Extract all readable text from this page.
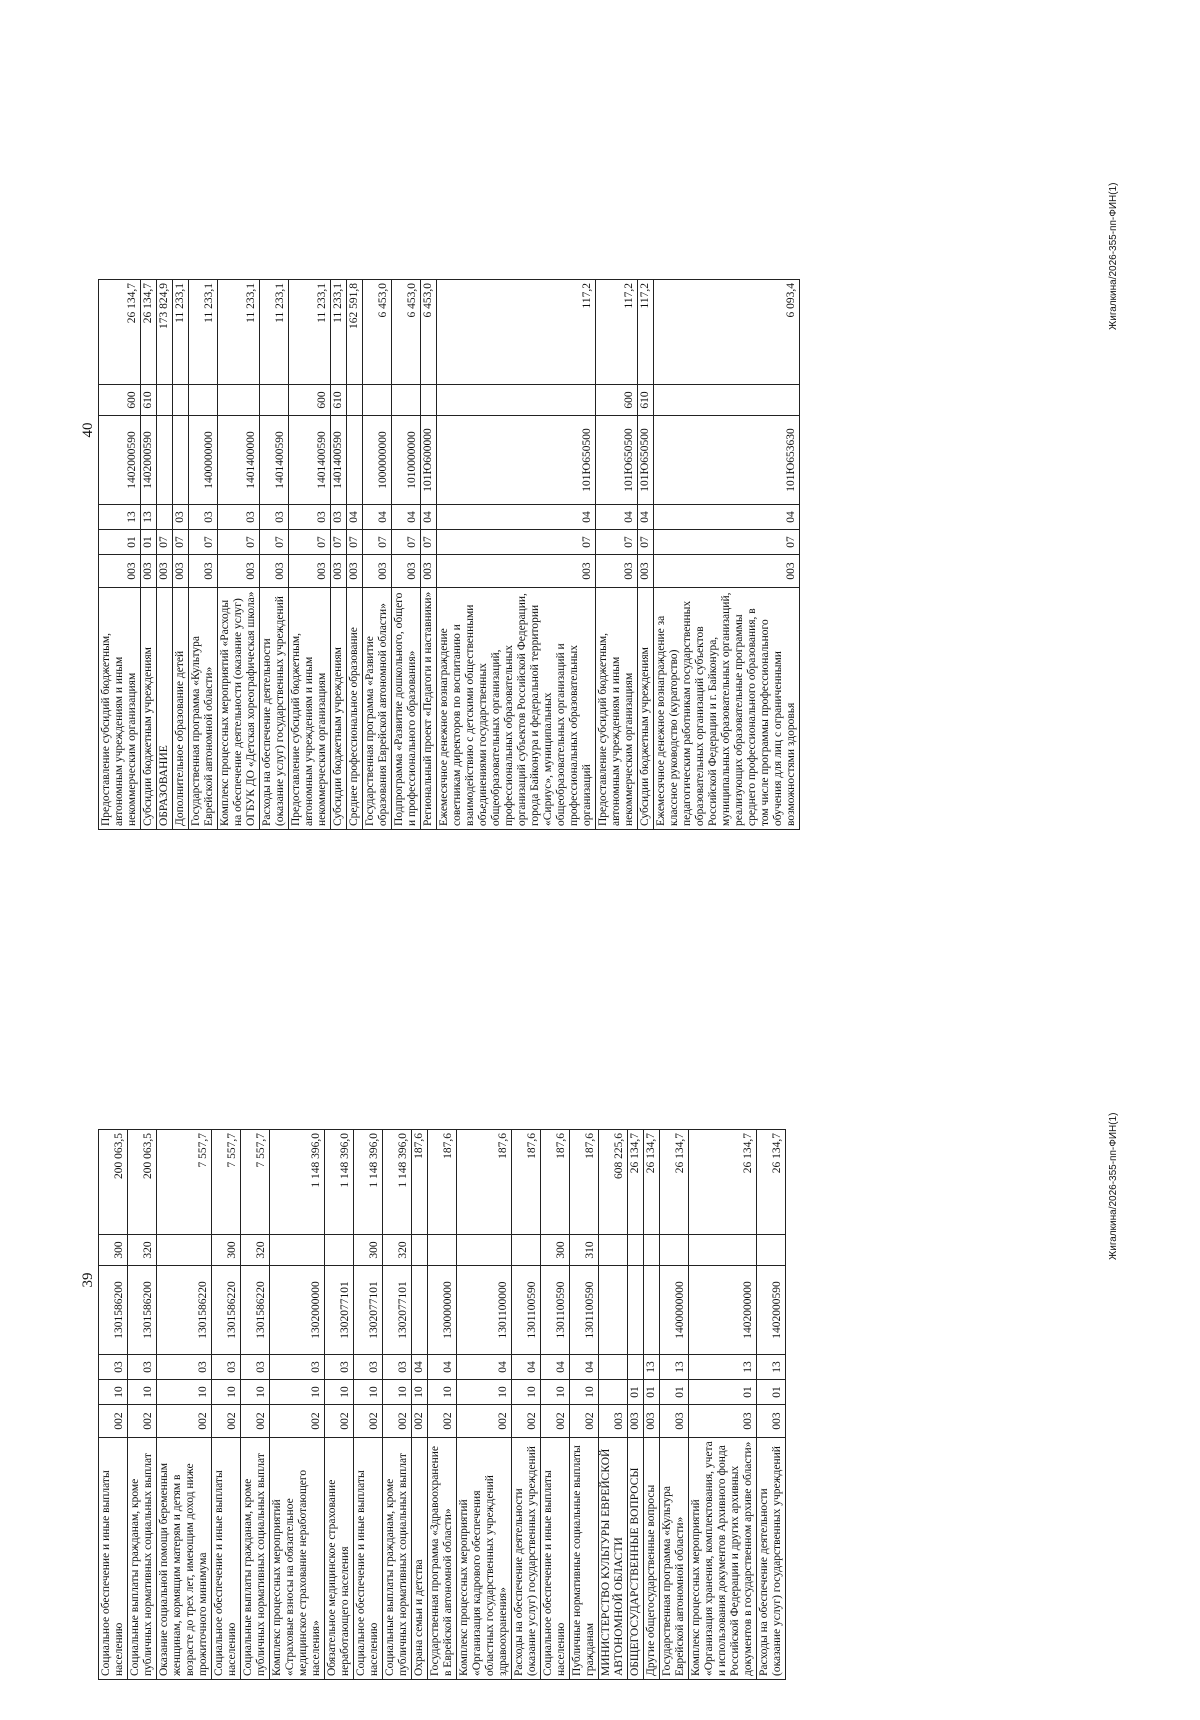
39
Социальное обеспечение и иные выплаты населению	002	10	03	1301586200	300	200 063,5
Социальные выплаты гражданам, кроме публичных нормативных социальных выплат	002	10	03	1301586200	320	200 063,5
Оказание социальной помощи беременным женщинам, кормящим матерям и детям в возрасте до трех лет, имеющим доход ниже прожиточного минимума	002	10	03	1301586220		7 557,7
Социальное обеспечение и иные выплаты населению	002	10	03	1301586220	300	7 557,7
Социальные выплаты гражданам, кроме публичных нормативных социальных выплат	002	10	03	1301586220	320	7 557,7
Комплекс процессных мероприятий «Страховые взносы на обязательное медицинское страхование неработающего населения»	002	10	03	1302000000		1 148 396,0
Обязательное медицинское страхование неработающего населения	002	10	03	1302077101		1 148 396,0
Социальное обеспечение и иные выплаты населению	002	10	03	1302077101	300	1 148 396,0
Социальные выплаты гражданам, кроме публичных нормативных социальных выплат	002	10	03	1302077101	320	1 148 396,0
Охрана семьи и детства	002	10	04			187,6
Государственная программа «Здравоохранение в Еврейской автономной области»	002	10	04	1300000000		187,6
Комплекс процессных мероприятий «Организация кадрового обеспечения областных государственных учреждений здравоохранения»	002	10	04	1301100000		187,6
Расходы на обеспечение деятельности (оказание услуг) государственных учреждений	002	10	04	1301100590		187,6
Социальное обеспечение и иные выплаты населению	002	10	04	1301100590	300	187,6
Публичные нормативные социальные выплаты гражданам	002	10	04	1301100590	310	187,6
МИНИСТЕРСТВО КУЛЬТУРЫ ЕВРЕЙСКОЙ АВТОНОМНОЙ ОБЛАСТИ	003					608 225,6
ОБЩЕГОСУДАРСТВЕННЫЕ ВОПРОСЫ	003	01				26 134,7
Другие общегосударственные вопросы	003	01	13			26 134,7
Государственная программа «Культура Еврейской автономной области»	003	01	13	1400000000		26 134,7
Комплекс процессных мероприятий «Организация хранения, комплектования, учета и использования документов Архивного фонда Российской Федерации и других архивных документов в государственном архиве области»	003	01	13	1402000000		26 134,7
Расходы на обеспечение деятельности (оказание услуг) государственных учреждений	003	01	13	1402000590		26 134,7	Жигалкина/2026-355-пп-ФИН(1)
40
Предоставление субсидий бюджетным, автономным учреждениям и иным некоммерческим организациям	003	01	13	1402000590	600	26 134,7
Субсидии бюджетным учреждениям	003	01	13	1402000590	610	26 134,7
ОБРАЗОВАНИЕ	003	07				173 824,9
Дополнительное образование детей	003	07	03			11 233,1
Государственная программа «Культура Еврейской автономной области»	003	07	03	1400000000		11 233,1
Комплекс процессных мероприятий «Расходы на обеспечение деятельности (оказание услуг) ОГБУК ДО «Детская хореографическая школа»	003	07	03	1401400000		11 233,1
Расходы на обеспечение деятельности (оказание услуг) государственных учреждений	003	07	03	1401400590		11 233,1
Предоставление субсидий бюджетным, автономным учреждениям и иным некоммерческим организациям	003	07	03	1401400590	600	11 233,1
Субсидии бюджетным учреждениям	003	07	03	1401400590	610	11 233,1
Среднее профессиональное образование	003	07	04			162 591,8
Государственная программа «Развитие образования Еврейской автономной области»	003	07	04	1000000000		6 453,0
Подпрограмма «Развитие дошкольного, общего и профессионального образования»	003	07	04	1010000000		6 453,0
Региональный проект «Педагоги и наставники»	003	07	04	101Ю600000		6 453,0
Ежемесячное денежное вознаграждение советникам директоров по воспитанию и взаимодействию с детскими общественными объединениями государственных общеобразовательных организаций, профессиональных образовательных организаций субъектов Российской Федерации, города Байконура и федеральной территории «Сириус», муниципальных общеобразовательных организаций и профессиональных образовательных организаций	003	07	04	101Ю650500		117,2
Предоставление субсидий бюджетным, автономным учреждениям и иным некоммерческим организациям	003	07	04	101Ю650500	600	117,2
Субсидии бюджетным учреждениям	003	07	04	101Ю650500	610	117,2
Ежемесячное денежное вознаграждение за классное руководство (кураторство) педагогическим работникам государственных образовательных организаций субъектов Российской Федерации и г. Байконура, муниципальных образовательных организаций, реализующих образовательные программы среднего профессионального образования, в том числе программы профессионального обучения для лиц с ограниченными возможностями здоровья	003	07	04	101Ю653630		6 093,4	Жигалкина/2026-355-пп-ФИН(1)
